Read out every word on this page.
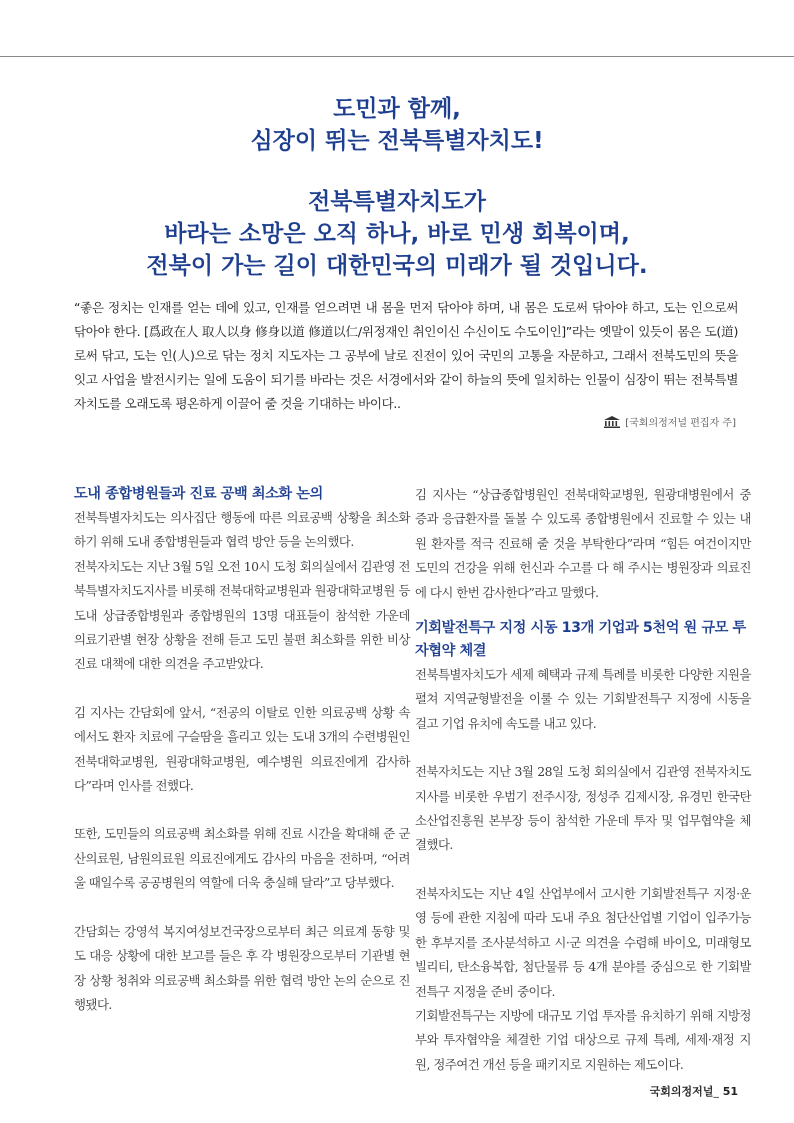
도민과 함께,
심장이 뛰는 전북특별자치도!
전북특별자치도가
바라는 소망은 오직 하나, 바로 민생 회복이며,
전북이 가는 길이 대한민국의 미래가 될 것입니다.

“좋은 정치는 인재를 얻는 데에 있고, 인재를 얻으려면 내 몸을 먼저 닦아야 하며, 내 몸은 도로써 닦아야 하고, 도는 인으로써 닦아야 한다. [爲政在人 取人以身 修身以道 修道以仁/위정재인 취인이신 수신이도 수도이인]”라는 옛말이 있듯이 몸은 도(道)로써 닦고, 도는 인(人)으로 닦는 정치 지도자는 그 공부에 날로 진전이 있어 국민의 고통을 자문하고, 그래서 전북도민의 뜻을 잇고 사업을 발전시키는 일에 도움이 되기를 바라는 것은 서경에서와 같이 하늘의 뜻에 일치하는 인물이 심장이 뛰는 전북특별자치도를 오래도록 평온하게 이끌어 줄 것을 기대하는 바이다..

[국회의정저널 편집자 주]
도내 종합병원들과 진료 공백 최소화 논의

전북특별자치도는 의사집단 행동에 따른 의료공백 상황을 최소화하기 위해 도내 종합병원들과 협력 방안 등을 논의했다.

전북자치도는 지난 3월 5일 오전 10시 도청 회의실에서 김관영 전북특별자치도지사를 비롯해 전북대학교병원과 원광대학교병원 등 도내 상급종합병원과 종합병원의 13명 대표들이 참석한 가운데 의료기관별 현장 상황을 전해 듣고 도민 불편 최소화를 위한 비상 진료 대책에 대한 의견을 주고받았다.

김 지사는 간담회에 앞서, “전공의 이탈로 인한 의료공백 상황 속에서도 환자 치료에 구슬땀을 흘리고 있는 도내 3개의 수련병원인 전북대학교병원, 원광대학교병원, 예수병원 의료진에게 감사하다”라며 인사를 전했다.

또한, 도민들의 의료공백 최소화를 위해 진료 시간을 확대해 준 군산의료원, 남원의료원 의료진에게도 감사의 마음을 전하며, “어려울 때일수록 공공병원의 역할에 더욱 충실해 달라”고 당부했다.

간담회는 강영석 복지여성보건국장으로부터 최근 의료계 동향 및 도 대응 상황에 대한 보고를 들은 후 각 병원장으로부터 기관별 현장 상황 청취와 의료공백 최소화를 위한 협력 방안 논의 순으로 진행됐다.

김 지사는 “상급종합병원인 전북대학교병원, 원광대병원에서 중증과 응급환자를 돌볼 수 있도록 종합병원에서 진료할 수 있는 내원 환자를 적극 진료해 줄 것을 부탁한다”라며 “힘든 여건이지만 도민의 건강을 위해 헌신과 수고를 다 해 주시는 병원장과 의료진에 다시 한번 감사한다”라고 말했다.

기회발전특구 지정 시동 13개 기업과 5천억 원 규모 투자협약 체결

전북특별자치도가 세제 혜택과 규제 특례를 비롯한 다양한 지원을 펼쳐 지역균형발전을 이룰 수 있는 기회발전특구 지정에 시동을 걸고 기업 유치에 속도를 내고 있다.

전북자치도는 지난 3월 28일 도청 회의실에서 김관영 전북자치도지사를 비롯한 우범기 전주시장, 정성주 김제시장, 유경민 한국탄소산업진흥원 본부장 등이 참석한 가운데 투자 및 업무협약을 체결했다.

전북자치도는 지난 4일 산업부에서 고시한 기회발전특구 지정·운영 등에 관한 지침에 따라 도내 주요 첨단산업별 기업이 입주가능한 후부지를 조사분석하고 시·군 의견을 수렴해 바이오, 미래형모빌리티, 탄소융복합, 첨단물류 등 4개 분야를 중심으로 한 기회발전특구 지정을 준비 중이다.

기회발전특구는 지방에 대규모 기업 투자를 유치하기 위해 지방정부와 투자협약을 체결한 기업 대상으로 규제 특례, 세제·재정 지원, 정주여건 개선 등을 패키지로 지원하는 제도이다.

국회의정저널_ 51
